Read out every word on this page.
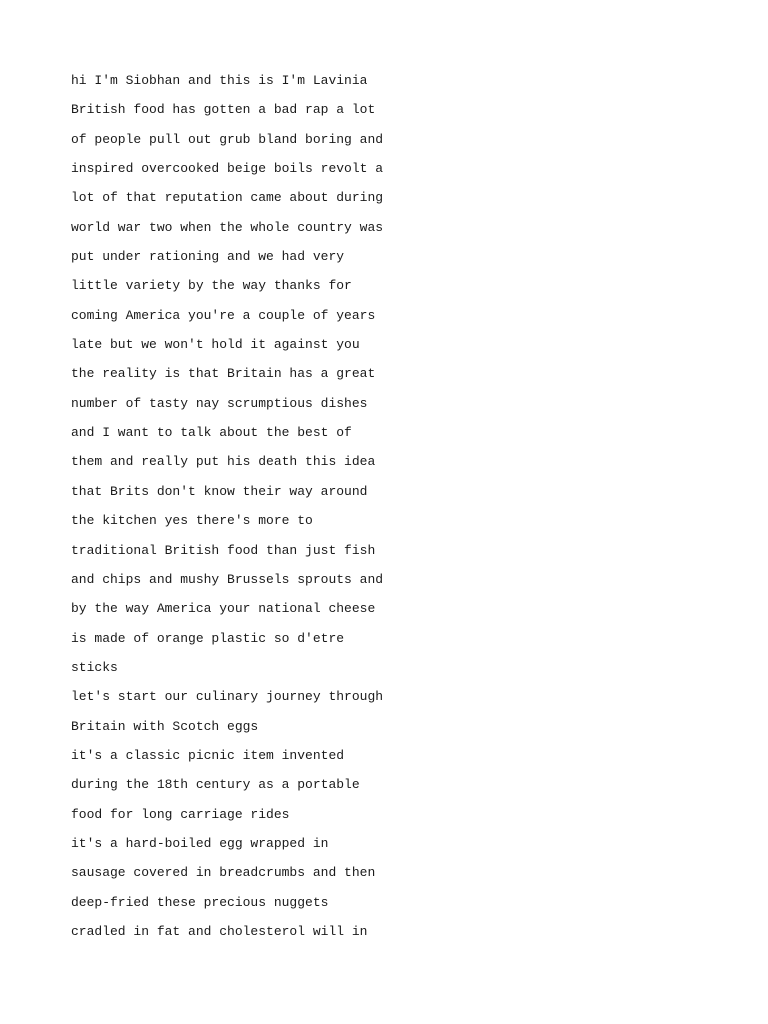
hi I'm Siobhan and this is I'm Lavinia

British food has gotten a bad rap a lot

of people pull out grub bland boring and

inspired overcooked beige boils revolt a

lot of that reputation came about during

world war two when the whole country was

put under rationing and we had very

little variety by the way thanks for

coming America you're a couple of years

late but we won't hold it against you

the reality is that Britain has a great

number of tasty nay scrumptious dishes

and I want to talk about the best of

them and really put his death this idea

that Brits don't know their way around

the kitchen yes there's more to

traditional British food than just fish

and chips and mushy Brussels sprouts and

by the way America your national cheese

is made of orange plastic so d'etre

sticks

let's start our culinary journey through

Britain with Scotch eggs

it's a classic picnic item invented

during the 18th century as a portable

food for long carriage rides

it's a hard-boiled egg wrapped in

sausage covered in breadcrumbs and then

deep-fried these precious nuggets

cradled in fat and cholesterol will in
